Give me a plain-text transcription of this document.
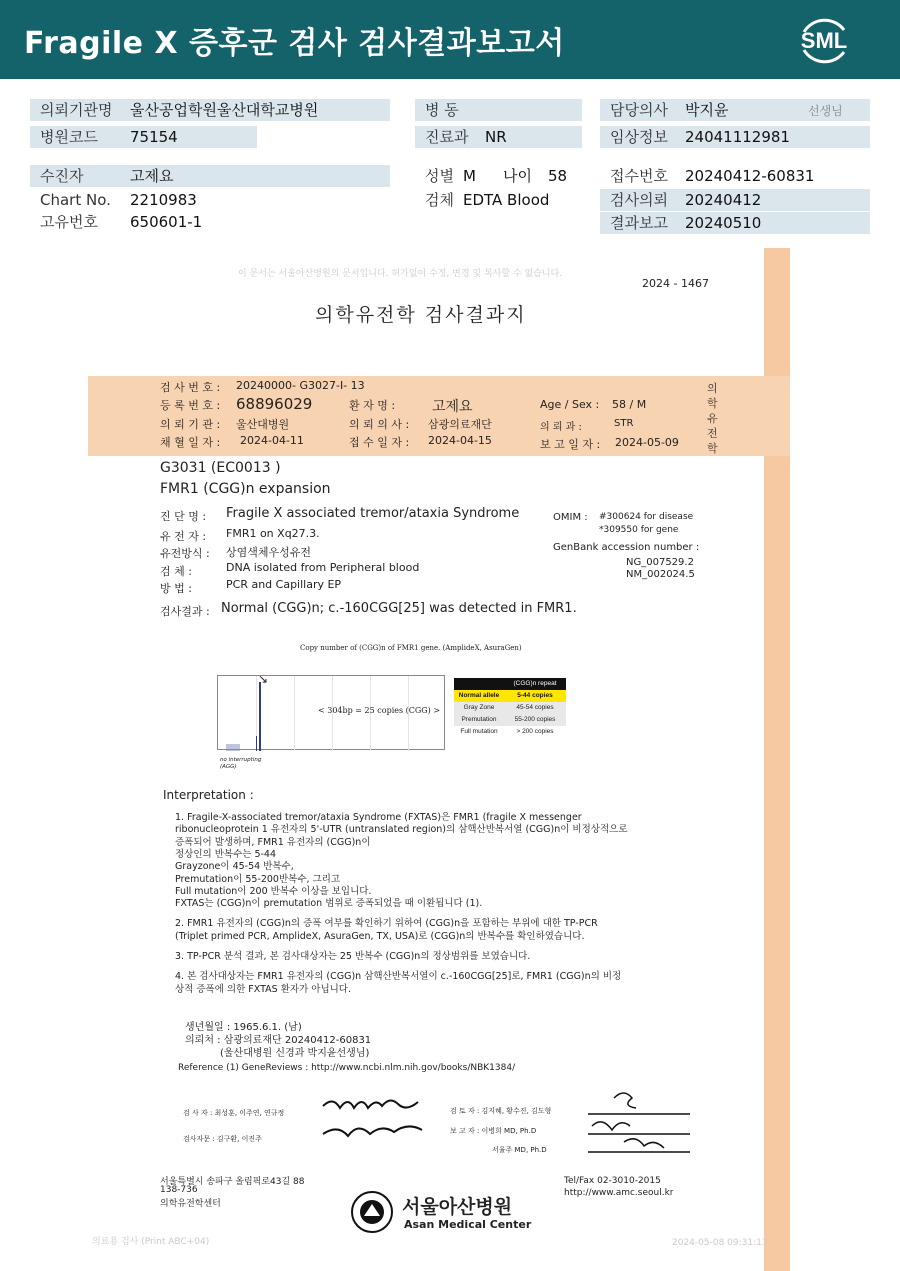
Fragile X 증후군 검사 검사결과보고서	SML
의뢰기관명 울산공업학원울산대학교병원
병원코드 75154
병 동
진료과 NR
담당의사 박지윤	선생님
임상정보 24041112981
수진자	고제요
Chart No. 2210983
고유번호 650601-1
성별 M 나이 58
검체 EDTA Blood
접수번호 20240412-60831
검사의뢰 20240412
결과보고 20240510
이 문서는 서울아산병원의 문서입니다. 허가없이 수정, 변경 및 복사할 수 없습니다.
2024 - 1467
의학유전학 검사결과지
검 사 번 호 : 20240000- G3027-I- 13
등 록 번 호 : 68896029	환 자 명 :	고제요	Age / Sex : 58 / M
의 뢰 기 관 : 울산대병원	의 뢰 의 사 : 삼광의료재단	의 뢰 과 :	STR
채 혈 일 자 : 2024-04-11	접 수 일 자 : 2024-04-15	보 고 일 자 : 2024-05-09
의
학
유
전
학
G3031 (EC0013 )
FMR1 (CGG)n expansion
진 단 명 : Fragile X associated tremor/ataxia Syndrome
유 전 자 : FMR1 on Xq27.3.
유전방식 : 상염색체우성유전
검 체 :	DNA isolated from Peripheral blood
방 법 :	PCR and Capillary EP
OMIM : #300624 for disease
*309550 for gene
GenBank accession number :
NG_007529.2
NM_002024.5
검사결과 : Normal (CGG)n; c.-160CGG[25] was detected in FMR1.
Copy number of (CGG)n of FMR1 gene. (AmplideX, AsuraGen)
< 304bp = 25 copies (CGG) >
↘
no interrupting
(AGG)
(CGG)n repeat
Normal allele	5-44 copies
Gray Zone	45-54 copies
Premutation	55-200 copies
Full mutation	> 200 copies
Interpretation :
1. Fragile-X-associated tremor/ataxia Syndrome (FXTAS)은 FMR1 (fragile X messenger
ribonucleoprotein 1 유전자의 5'-UTR (untranslated region)의 삼핵산반복서열 (CGG)n이 비정상적으로
증폭되어 발생하며, FMR1 유전자의 (CGG)n이
정상인의 반복수는 5-44
Grayzone이 45-54 반복수,
Premutation이 55-200반복수, 그리고
Full mutation이 200 반복수 이상을 보입니다.
FXTAS는 (CGG)n이 premutation 범위로 증폭되었을 때 이환됩니다 (1).
2. FMR1 유전자의 (CGG)n의 증폭 여부를 확인하기 위하여 (CGG)n을 포함하는 부위에 대한 TP-PCR
(Triplet primed PCR, AmplideX, AsuraGen, TX, USA)로 (CGG)n의 반복수를 확인하였습니다.
3. TP-PCR 분석 결과, 본 검사대상자는 25 반복수 (CGG)n의 정상범위를 보였습니다.
4. 본 검사대상자는 FMR1 유전자의 (CGG)n 삼핵산반복서열이 c.-160CGG[25]로, FMR1 (CGG)n의 비정
상적 증폭에 의한 FXTAS 환자가 아닙니다.
생년월일 : 1965.6.1. (남)
의뢰처 : 삼광의료재단 20240412-60831
(울산대병원 신경과 박지윤선생님)
Reference (1) GeneReviews : http://www.ncbi.nlm.nih.gov/books/NBK1384/
검 사 자 : 최성훈, 이주연, 연규정
검사자문 : 김구환, 이진주
검 토 자 : 김지혜, 황수진, 김도형
보 고 자 : 이병희 MD, Ph.D
서율주 MD, Ph.D
서울특별시 송파구 올림픽로43길 88
138-736
의학유전학센터
Tel/Fax 02-3010-2015
http://www.amc.seoul.kr
서울아산병원
Asan Medical Center
의료용 검사 (Print ABC+04)	2024-05-08 09:31:13
